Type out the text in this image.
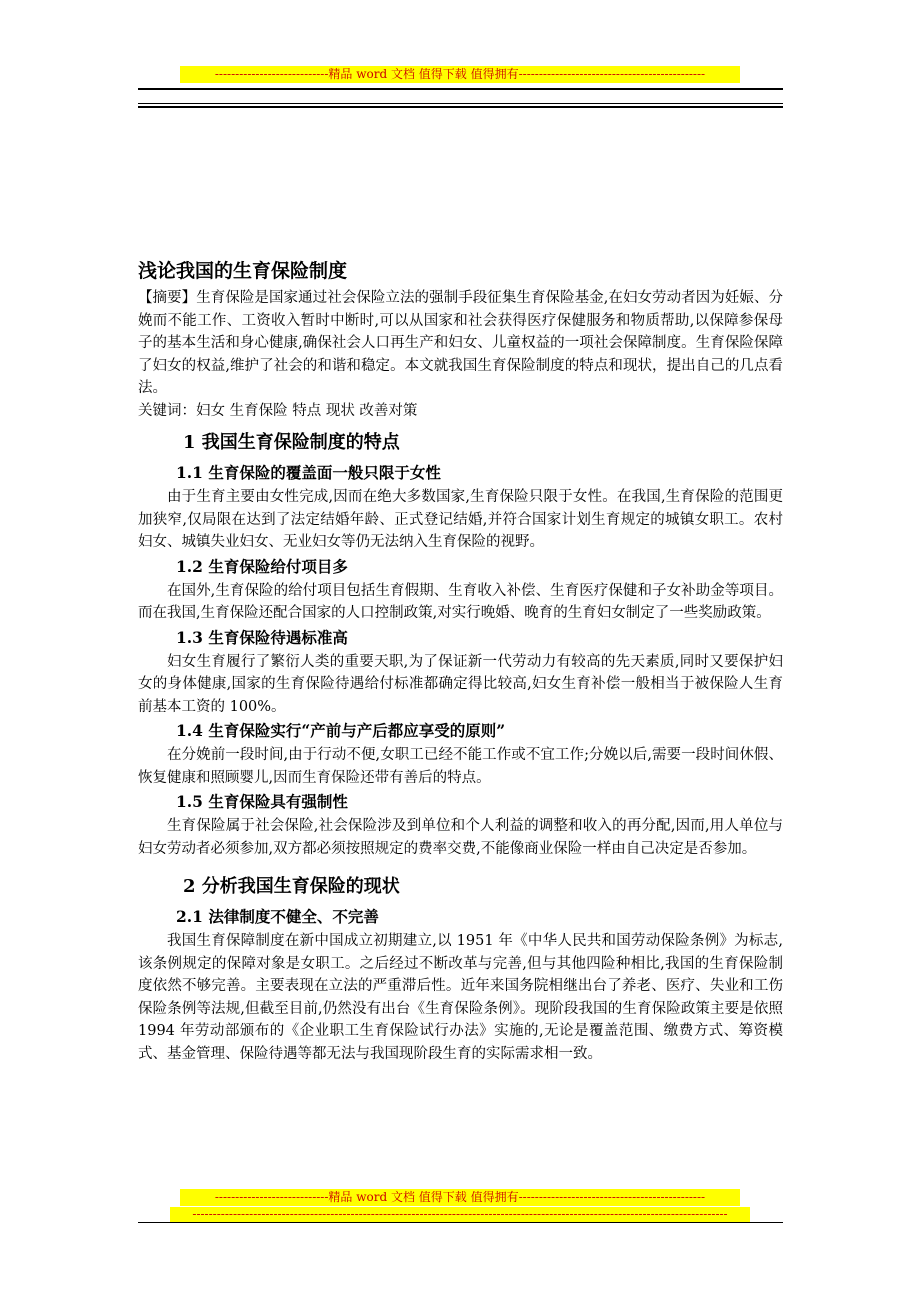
----------------------------精品 word 文档 值得下载 值得拥有----------------------------------------------
浅论我国的生育保险制度

【摘要】生育保险是国家通过社会保险立法的强制手段征集生育保险基金,在妇女劳动者因为妊娠、分娩而不能工作、工资收入暂时中断时,可以从国家和社会获得医疗保健服务和物质帮助,以保障参保母子的基本生活和身心健康,确保社会人口再生产和妇女、儿童权益的一项社会保障制度。生育保险保障了妇女的权益,维护了社会的和谐和稳定。本文就我国生育保险制度的特点和现状，提出自己的几点看法。

关键词：妇女 生育保险 特点 现状 改善对策

1 我国生育保险制度的特点
1.1 生育保险的覆盖面一般只限于女性

由于生育主要由女性完成,因而在绝大多数国家,生育保险只限于女性。在我国,生育保险的范围更加狭窄,仅局限在达到了法定结婚年龄、正式登记结婚,并符合国家计划生育规定的城镇女职工。农村妇女、城镇失业妇女、无业妇女等仍无法纳入生育保险的视野。

1.2 生育保险给付项目多

在国外,生育保险的给付项目包括生育假期、生育收入补偿、生育医疗保健和子女补助金等项目。而在我国,生育保险还配合国家的人口控制政策,对实行晚婚、晚育的生育妇女制定了一些奖励政策。

1.3 生育保险待遇标准高

妇女生育履行了繁衍人类的重要天职,为了保证新一代劳动力有较高的先天素质,同时又要保护妇女的身体健康,国家的生育保险待遇给付标准都确定得比较高,妇女生育补偿一般相当于被保险人生育前基本工资的 100%。

1.4 生育保险实行“产前与产后都应享受的原则”

在分娩前一段时间,由于行动不便,女职工已经不能工作或不宜工作;分娩以后,需要一段时间休假、恢复健康和照顾婴儿,因而生育保险还带有善后的特点。

1.5 生育保险具有强制性

生育保险属于社会保险,社会保险涉及到单位和个人利益的调整和收入的再分配,因而,用人单位与妇女劳动者必须参加,双方都必须按照规定的费率交费,不能像商业保险一样由自己决定是否参加。

2 分析我国生育保险的现状
2.1 法律制度不健全、不完善

我国生育保障制度在新中国成立初期建立,以 1951 年《中华人民共和国劳动保险条例》为标志,该条例规定的保障对象是女职工。之后经过不断改革与完善,但与其他四险种相比,我国的生育保险制度依然不够完善。主要表现在立法的严重滞后性。近年来国务院相继出台了养老、医疗、失业和工伤保险条例等法规,但截至目前,仍然没有出台《生育保险条例》。现阶段我国的生育保险政策主要是依照 1994 年劳动部颁布的《企业职工生育保险试行办法》实施的,无论是覆盖范围、缴费方式、筹资模式、基金管理、保险待遇等都无法与我国现阶段生育的实际需求相一致。

----------------------------精品 word 文档 值得下载 值得拥有----------------------------------------------
------------------------------------------------------------------------------------------------------------------------------------
